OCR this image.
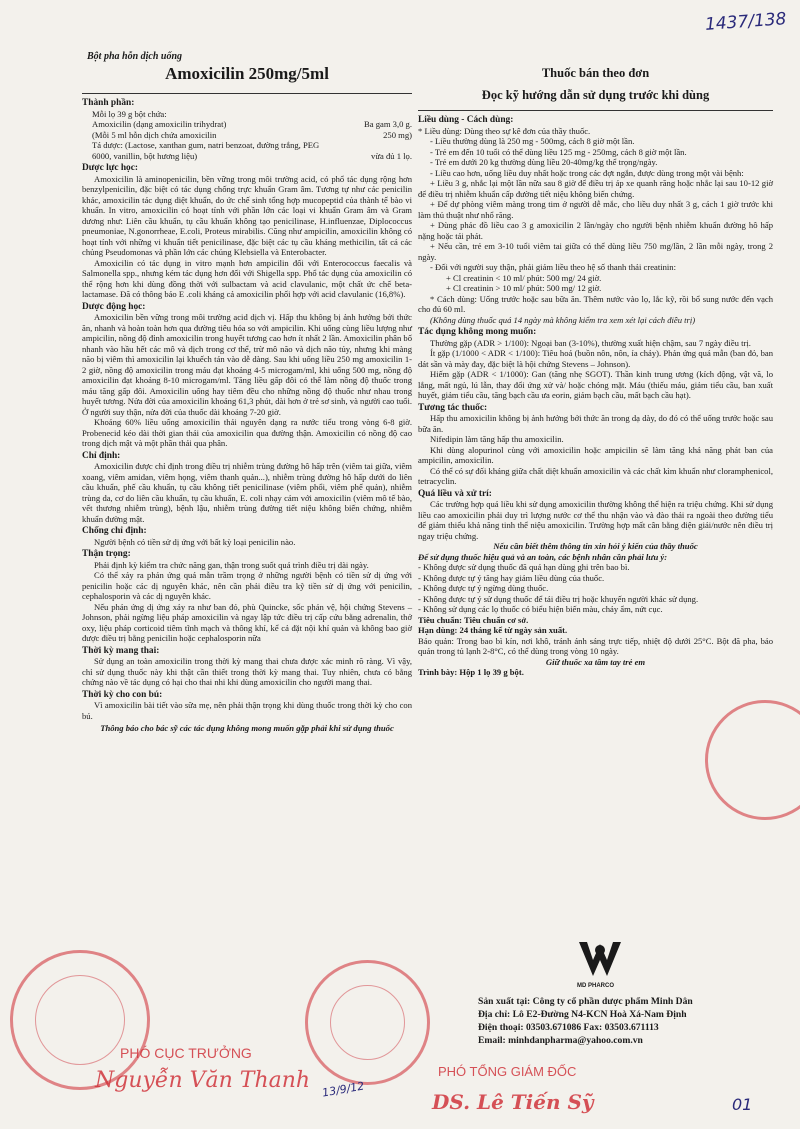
1437/138
Bột pha hỗn dịch uống
Amoxicilin 250mg/5ml
Thành phần:
Mỗi lọ 39 g bột chứa:
Amoxicilin (dạng amoxicilin trihydrat)	Ba gam 3,0 g.
(Mỗi 5 ml hỗn dịch chứa amoxicilin	250 mg)
Tá dược: (Lactose, xanthan gum, natri benzoat, đường trắng, PEG 6000, vanillin, bột hương liệu)	vừa đủ 1 lọ.
Dược lực học:
Amoxicilin là aminopenicilin, bền vững trong môi trường acid, có phổ tác dụng rộng hơn benzylpenicilin, đặc biệt có tác dụng chống trực khuẩn Gram âm. Tương tự như các penicilin khác, amoxicilin tác dụng diệt khuẩn, do ức chế sinh tổng hợp mucopeptid của thành tế bào vi khuẩn. In vitro, amoxicilin có hoạt tính với phần lớn các loại vi khuẩn Gram âm và Gram dương như: Liên cầu khuẩn, tụ cầu khuẩn không tạo penicilinase, H.influenzae, Diplococcus pneumoniae, N.gonorrheae, E.coli, Proteus mirabilis. Cũng như ampicilin, amoxicilin không có hoạt tính với những vi khuẩn tiết penicilinase, đặc biệt các tụ cầu kháng methicilin, tất cả các chủng Pseudomonas và phần lớn các chủng Klebsiella và Enterobacter.
Amoxicilin có tác dụng in vitro mạnh hơn ampicilin đối với Enterococcus faecalis và Salmonella spp., nhưng kém tác dụng hơn đối với Shigella spp. Phổ tác dụng của amoxicilin có thể rộng hơn khi dùng đồng thời với sulbactam và acid clavulanic, một chất ức chế beta-lactamase. Đã có thông báo E .coli kháng cả amoxicilin phối hợp với acid clavulanic (16,8%).
Dược động học:
Amoxicilin bền vững trong môi trường acid dịch vị. Hấp thu không bị ảnh hưởng bởi thức ăn, nhanh và hoàn toàn hơn qua đường tiêu hóa so với ampicilin. Khi uống cùng liều lượng như ampicilin, nồng độ đỉnh amoxicilin trong huyết tương cao hơn ít nhất 2 lần. Amoxicilin phân bố nhanh vào hầu hết các mô và dịch trong cơ thể, trừ mô não và dịch não tủy, nhưng khi màng não bị viêm thì amoxicilin lại khuếch tán vào dễ dàng. Sau khi uống liều 250 mg amoxicilin 1-2 giờ, nồng độ amoxicilin trong máu đạt khoảng 4-5 microgam/ml, khi uống 500 mg, nồng độ amoxicilin đạt khoảng 8-10 microgam/ml. Tăng liều gấp đôi có thể làm nồng độ thuốc trong máu tăng gấp đôi. Amoxicilin uống hay tiêm đều cho những nồng độ thuốc như nhau trong huyết tương. Nửa đời của amoxicilin khoảng 61,3 phút, dài hơn ở trẻ sơ sinh, và người cao tuổi. Ở người suy thận, nửa đời của thuốc dài khoảng 7-20 giờ.
Khoảng 60% liều uống amoxicilin thải nguyên dạng ra nước tiểu trong vòng 6-8 giờ. Probenecid kéo dài thời gian thải của amoxicilin qua đường thận. Amoxicilin có nồng độ cao trong dịch mật và một phần thải qua phân.
Chỉ định:
Amoxicilin được chỉ định trong điều trị nhiễm trùng đường hô hấp trên (viêm tai giữa, viêm xoang, viêm amidan, viêm họng, viêm thanh quản...), nhiễm trùng đường hô hấp dưới do liên cầu khuẩn, phế cầu khuẩn, tụ cầu không tiết penicilinase (viêm phổi, viêm phế quản), nhiễm trùng da, cơ do liên cầu khuẩn, tụ cầu khuẩn, E. coli nhạy cảm với amoxicilin (viêm mô tế bào, vết thương nhiễm trùng), bệnh lậu, nhiễm trùng đường tiết niệu không biến chứng, nhiễm khuẩn đường mật.
Chống chỉ định:
Người bệnh có tiền sử dị ứng với bất kỳ loại penicilin nào.
Thận trọng:
Phải định kỳ kiểm tra chức năng gan, thận trong suốt quá trình điều trị dài ngày.
Có thể xảy ra phản ứng quá mẫn trầm trọng ở những người bệnh có tiền sử dị ứng với penicilin hoặc các dị nguyên khác, nên cần phải điều tra kỹ tiền sử dị ứng với penicilin, cephalosporin và các dị nguyên khác.
Nếu phản ứng dị ứng xảy ra như ban đỏ, phù Quincke, sốc phản vệ, hội chứng Stevens – Johnson, phải ngừng liệu pháp amoxicilin và ngay lập tức điều trị cấp cứu bằng adrenalin, thở oxy, liệu pháp corticoid tiêm tĩnh mạch và thông khí, kể cả đặt nội khí quản và không bao giờ được điều trị bằng penicilin hoặc cephalosporin nữa
Thời kỳ mang thai:
Sử dụng an toàn amoxicilin trong thời kỳ mang thai chưa được xác minh rõ ràng. Vì vậy, chỉ sử dụng thuốc này khi thật cần thiết trong thời kỳ mang thai. Tuy nhiên, chưa có bằng chứng nào về tác dụng có hại cho thai nhi khi dùng amoxicilin cho người mang thai.
Thời kỳ cho con bú:
Vì amoxicilin bài tiết vào sữa mẹ, nên phải thận trọng khi dùng thuốc trong thời kỳ cho con bú.
Thông báo cho bác sỹ các tác dụng không mong muốn gặp phải khi sử dụng thuốc
Thuốc bán theo đơn
Đọc kỹ hướng dẫn sử dụng trước khi dùng
Liều dùng - Cách dùng:
* Liều dùng: Dùng theo sự kê đơn của thầy thuốc.
- Liều thường dùng là 250 mg - 500mg, cách 8 giờ một lần.
- Trẻ em đến 10 tuổi có thể dùng liều 125 mg - 250mg, cách 8 giờ một lần.
- Trẻ em dưới 20 kg thường dùng liều 20-40mg/kg thể trọng/ngày.
- Liều cao hơn, uống liều duy nhất hoặc trong các đợt ngắn, được dùng trong một vài bệnh:
+ Liều 3 g, nhắc lại một lần nữa sau 8 giờ để điều trị áp xe quanh răng hoặc nhắc lại sau 10-12 giờ để điều trị nhiễm khuẩn cấp đường tiết niệu không biến chứng.
+ Để dự phòng viêm màng trong tim ở người dễ mắc, cho liều duy nhất 3 g, cách 1 giờ trước khi làm thủ thuật như nhổ răng.
+ Dùng phác đồ liều cao 3 g amoxicilin 2 lần/ngày cho người bệnh nhiễm khuẩn đường hô hấp nặng hoặc tái phát.
+ Nếu cần, trẻ em 3-10 tuổi viêm tai giữa có thể dùng liều 750 mg/lần, 2 lần mỗi ngày, trong 2 ngày.
- Đối với người suy thận, phải giảm liều theo hệ số thanh thải creatinin:
+ Cl creatinin < 10 ml/ phút: 500 mg/ 24 giờ.
+ Cl creatinin > 10 ml/ phút: 500 mg/ 12 giờ.
* Cách dùng: Uống trước hoặc sau bữa ăn. Thêm nước vào lọ, lắc kỹ, rồi bổ sung nước đến vạch cho đủ 60 ml.
(Không dùng thuốc quá 14 ngày mà không kiểm tra xem xét lại cách điều trị)
Tác dụng không mong muốn:
Thường gặp (ADR > 1/100): Ngoại ban (3-10%), thường xuất hiện chậm, sau 7 ngày điều trị.
Ít gặp (1/1000 < ADR < 1/100): Tiêu hoá (buồn nôn, nôn, ỉa chảy). Phản ứng quá mẫn (ban đỏ, ban dát sần và mày đay, đặc biệt là hội chứng Stevens – Johnson).
Hiếm gặp (ADR < 1/1000): Gan (tăng nhẹ SGOT). Thần kinh trung ương (kích động, vật vã, lo lắng, mất ngủ, lú lẫn, thay đổi ứng xử và/ hoặc chóng mặt. Máu (thiếu máu, giảm tiểu cầu, ban xuất huyết, giảm tiểu cầu, tăng bạch cầu ưa eorin, giảm bạch cầu, mất bạch cầu hạt).
Tương tác thuốc:
Hấp thu amoxicilin không bị ảnh hưởng bởi thức ăn trong dạ dày, do đó có thể uống trước hoặc sau bữa ăn.
Nifedipin làm tăng hấp thu amoxicilin.
Khi dùng alopurinol cùng với amoxicilin hoặc ampicilin sẽ làm tăng khả năng phát ban của ampicilin, amoxicilin.
Có thể có sự đối kháng giữa chất diệt khuẩn amoxicilin và các chất kìm khuẩn như cloramphenicol, tetracyclin.
Quá liều và xử trí:
Các trường hợp quá liều khi sử dụng amoxicilin thường không thể hiện ra triệu chứng. Khi sử dụng liều cao amoxicilin phải duy trì lượng nước cơ thể thu nhận vào và đào thải ra ngoài theo đường tiểu để giảm thiểu khả năng tinh thể niệu amoxicilin. Trường hợp mất cân bằng điện giải/nước nên điều trị ngay triệu chứng.
Nếu cần biết thêm thông tin xin hỏi ý kiến của thầy thuốc
Để sử dụng thuốc hiệu quả và an toàn, các bệnh nhân cần phải lưu ý:
- Không được sử dụng thuốc đã quá hạn dùng ghi trên bao bì.
- Không được tự ý tăng hay giảm liều dùng của thuốc.
- Không được tự ý ngừng dùng thuốc.
- Không được tự ý sử dụng thuốc để tái điều trị hoặc khuyến người khác sử dụng.
- Không sử dụng các lọ thuốc có biểu hiện biến màu, chảy ẩm, nứt cục.
Tiêu chuẩn: Tiêu chuẩn cơ sở.
Hạn dùng: 24 tháng kể từ ngày sản xuất.
Bảo quản: Trong bao bì kín, nơi khô, tránh ánh sáng trực tiếp, nhiệt độ dưới 25°C. Bột đã pha, bảo quản trong tủ lạnh 2-8°C, có thể dùng trong vòng 10 ngày.
Giữ thuốc xa tầm tay trẻ em
Trình bày: Hộp 1 lọ 39 g bột.
MD PHARCO
Sản xuất tại: Công ty cổ phần dược phẩm Minh Dân
Địa chỉ: Lô E2-Đường N4-KCN Hoà Xá-Nam Định
Điện thoại: 03503.671086 Fax: 03503.671113
Email: minhdanpharma@yahoo.com.vn
PHÓ CỤC TRƯỞNG
Nguyễn Văn Thanh 13/9/12
PHÓ TỔNG GIÁM ĐỐC
DS. Lê Tiến Sỹ	01
